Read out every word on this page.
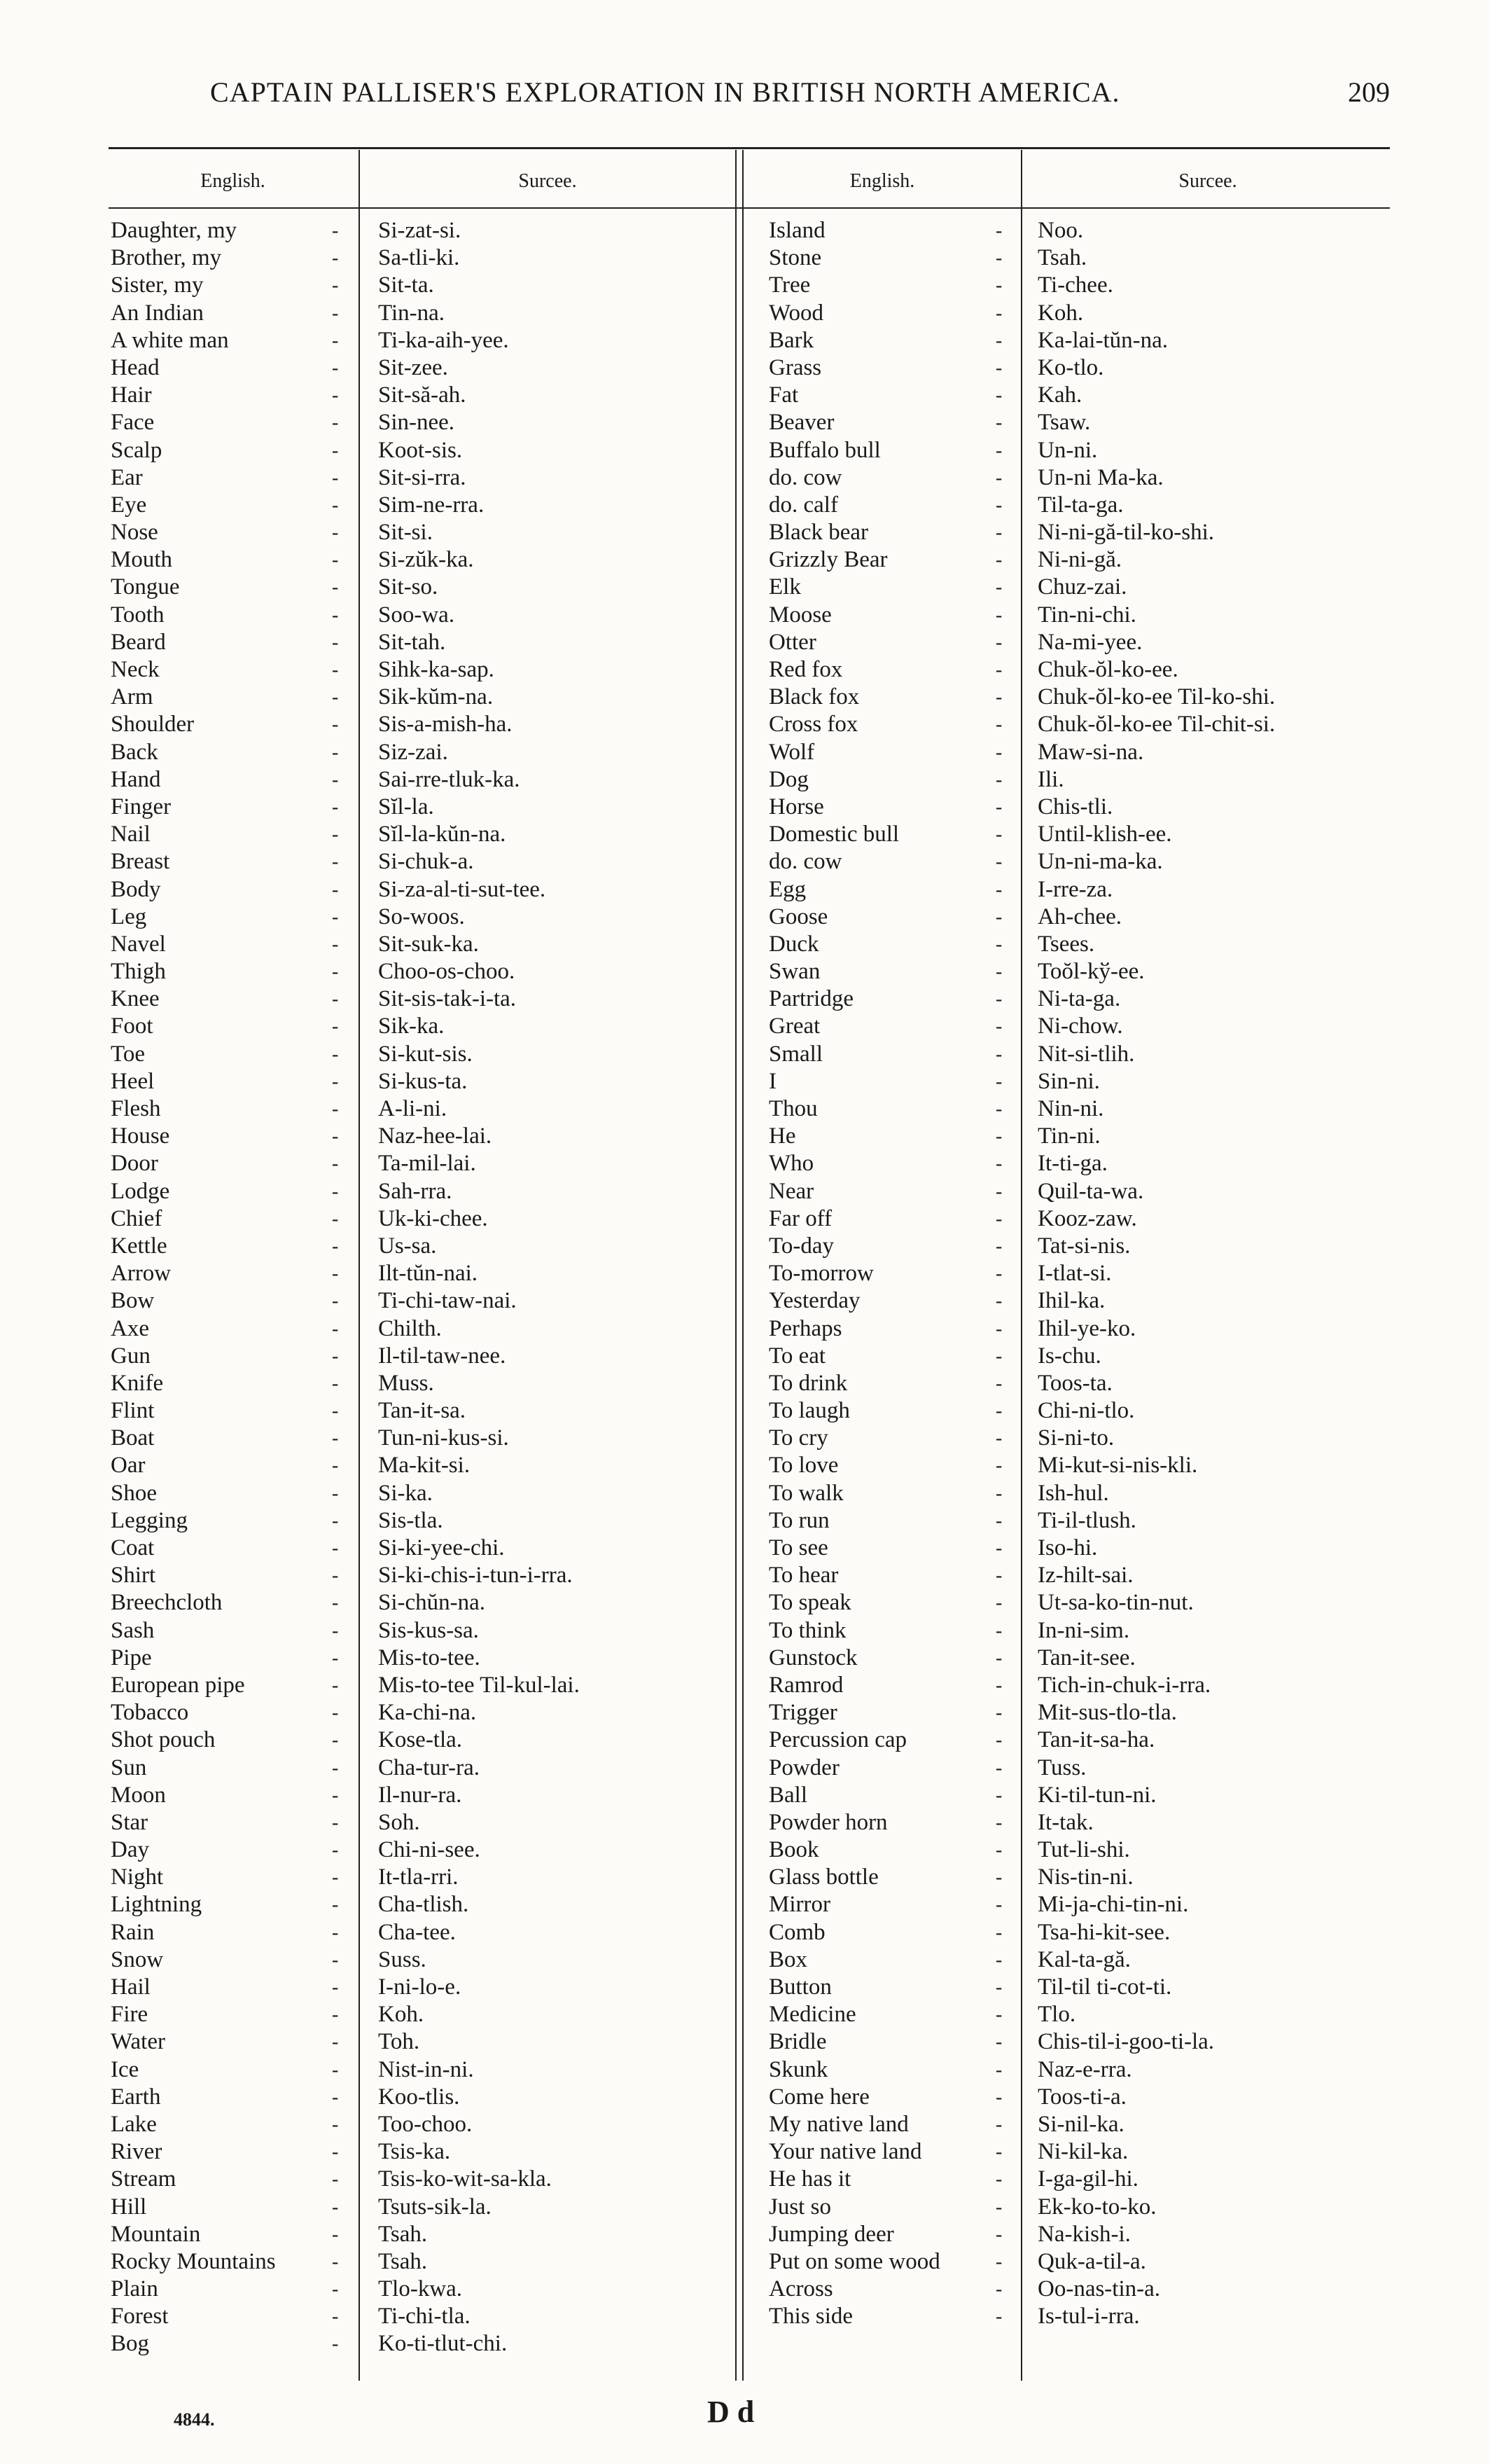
CAPTAIN PALLISER'S EXPLORATION IN BRITISH NORTH AMERICA.	209
English.	Surcee.	English.	Surcee.
Daughter, my	- Si-zat-si.
Brother, my	- Sa-tli-ki.
Sister, my	- Sit-ta.
An Indian	- Tin-na.
A white man	- Ti-ka-aih-yee.
Head	- Sit-zee.
Hair	- Sit-să-ah.
Face	- Sin-nee.
Scalp	- Koot-sis.
Ear	- Sit-si-rra.
Eye	- Sim-ne-rra.
Nose	- Sit-si.
Mouth	- Si-zŭk-ka.
Tongue	- Sit-so.
Tooth	- Soo-wa.
Beard	- Sit-tah.
Neck	- Sihk-ka-sap.
Arm	- Sik-kŭm-na.
Shoulder	- Sis-a-mish-ha.
Back	- Siz-zai.
Hand	- Sai-rre-tluk-ka.
Finger	- Sĭl-la.
Nail	- Sĭl-la-kŭn-na.
Breast	- Si-chuk-a.
Body	- Si-za-al-ti-sut-tee.
Leg	- So-woos.
Navel	- Sit-suk-ka.
Thigh	- Choo-os-choo.
Knee	- Sit-sis-tak-i-ta.
Foot	- Sik-ka.
Toe	- Si-kut-sis.
Heel	- Si-kus-ta.
Flesh	- A-li-ni.
House	- Naz-hee-lai.
Door	- Ta-mil-lai.
Lodge	- Sah-rra.
Chief	- Uk-ki-chee.
Kettle	- Us-sa.
Arrow	- Ilt-tŭn-nai.
Bow	- Ti-chi-taw-nai.
Axe	- Chilth.
Gun	- Il-til-taw-nee.
Knife	- Muss.
Flint	- Tan-it-sa.
Boat	- Tun-ni-kus-si.
Oar	- Ma-kit-si.
Shoe	- Si-ka.
Legging	- Sis-tla.
Coat	- Si-ki-yee-chi.
Shirt	- Si-ki-chis-i-tun-i-rra.
Breechcloth	- Si-chŭn-na.
Sash	- Sis-kus-sa.
Pipe	- Mis-to-tee.
European pipe	- Mis-to-tee Til-kul-lai.
Tobacco	- Ka-chi-na.
Shot pouch	- Kose-tla.
Sun	- Cha-tur-ra.
Moon	- Il-nur-ra.
Star	- Soh.
Day	- Chi-ni-see.
Night	- It-tla-rri.
Lightning	- Cha-tlish.
Rain	- Cha-tee.
Snow	- Suss.
Hail	- I-ni-lo-e.
Fire	- Koh.
Water	- Toh.
Ice	- Nist-in-ni.
Earth	- Koo-tlis.
Lake	- Too-choo.
River	- Tsis-ka.
Stream	- Tsis-ko-wit-sa-kla.
Hill	- Tsuts-sik-la.
Mountain	- Tsah.
Rocky Mountains	- Tsah.
Plain	- Tlo-kwa.
Forest	- Ti-chi-tla.
Bog	- Ko-ti-tlut-chi.
Island	- Noo.
Stone	- Tsah.
Tree	- Ti-chee.
Wood	- Koh.
Bark	- Ka-lai-tŭn-na.
Grass	- Ko-tlo.
Fat	- Kah.
Beaver	- Tsaw.
Buffalo bull	- Un-ni.
do. cow	- Un-ni Ma-ka.
do. calf	- Til-ta-ga.
Black bear	- Ni-ni-gă-til-ko-shi.
Grizzly Bear	- Ni-ni-gă.
Elk	- Chuz-zai.
Moose	- Tin-ni-chi.
Otter	- Na-mi-yee.
Red fox	- Chuk-ŏl-ko-ee.
Black fox	- Chuk-ŏl-ko-ee Til-ko-shi.
Cross fox	- Chuk-ŏl-ko-ee Til-chit-si.
Wolf	- Maw-si-na.
Dog	- Ili.
Horse	- Chis-tli.
Domestic bull	- Until-klish-ee.
do. cow	- Un-ni-ma-ka.
Egg	- I-rre-za.
Goose	- Ah-chee.
Duck	- Tsees.
Swan	- Toŏl-kў-ee.
Partridge	- Ni-ta-ga.
Great	- Ni-chow.
Small	- Nit-si-tlih.
I	- Sin-ni.
Thou	- Nin-ni.
He	- Tin-ni.
Who	- It-ti-ga.
Near	- Quil-ta-wa.
Far off	- Kooz-zaw.
To-day	- Tat-si-nis.
To-morrow	- I-tlat-si.
Yesterday	- Ihil-ka.
Perhaps	- Ihil-ye-ko.
To eat	- Is-chu.
To drink	- Toos-ta.
To laugh	- Chi-ni-tlo.
To cry	- Si-ni-to.
To love	- Mi-kut-si-nis-kli.
To walk	- Ish-hul.
To run	- Ti-il-tlush.
To see	- Iso-hi.
To hear	- Iz-hilt-sai.
To speak	- Ut-sa-ko-tin-nut.
To think	- In-ni-sim.
Gunstock	- Tan-it-see.
Ramrod	- Tich-in-chuk-i-rra.
Trigger	- Mit-sus-tlo-tla.
Percussion cap	- Tan-it-sa-ha.
Powder	- Tuss.
Ball	- Ki-til-tun-ni.
Powder horn	- It-tak.
Book	- Tut-li-shi.
Glass bottle	- Nis-tin-ni.
Mirror	- Mi-ja-chi-tin-ni.
Comb	- Tsa-hi-kit-see.
Box	- Kal-ta-gă.
Button	- Til-til ti-cot-ti.
Medicine	- Tlo.
Bridle	- Chis-til-i-goo-ti-la.
Skunk	- Naz-e-rra.
Come here	- Toos-ti-a.
My native land	- Si-nil-ka.
Your native land	- Ni-kil-ka.
He has it	- I-ga-gil-hi.
Just so	- Ek-ko-to-ko.
Jumping deer	- Na-kish-i.
Put on some wood	- Quk-a-til-a.
Across	- Oo-nas-tin-a.
This side	- Is-tul-i-rra.
4844.	D d
